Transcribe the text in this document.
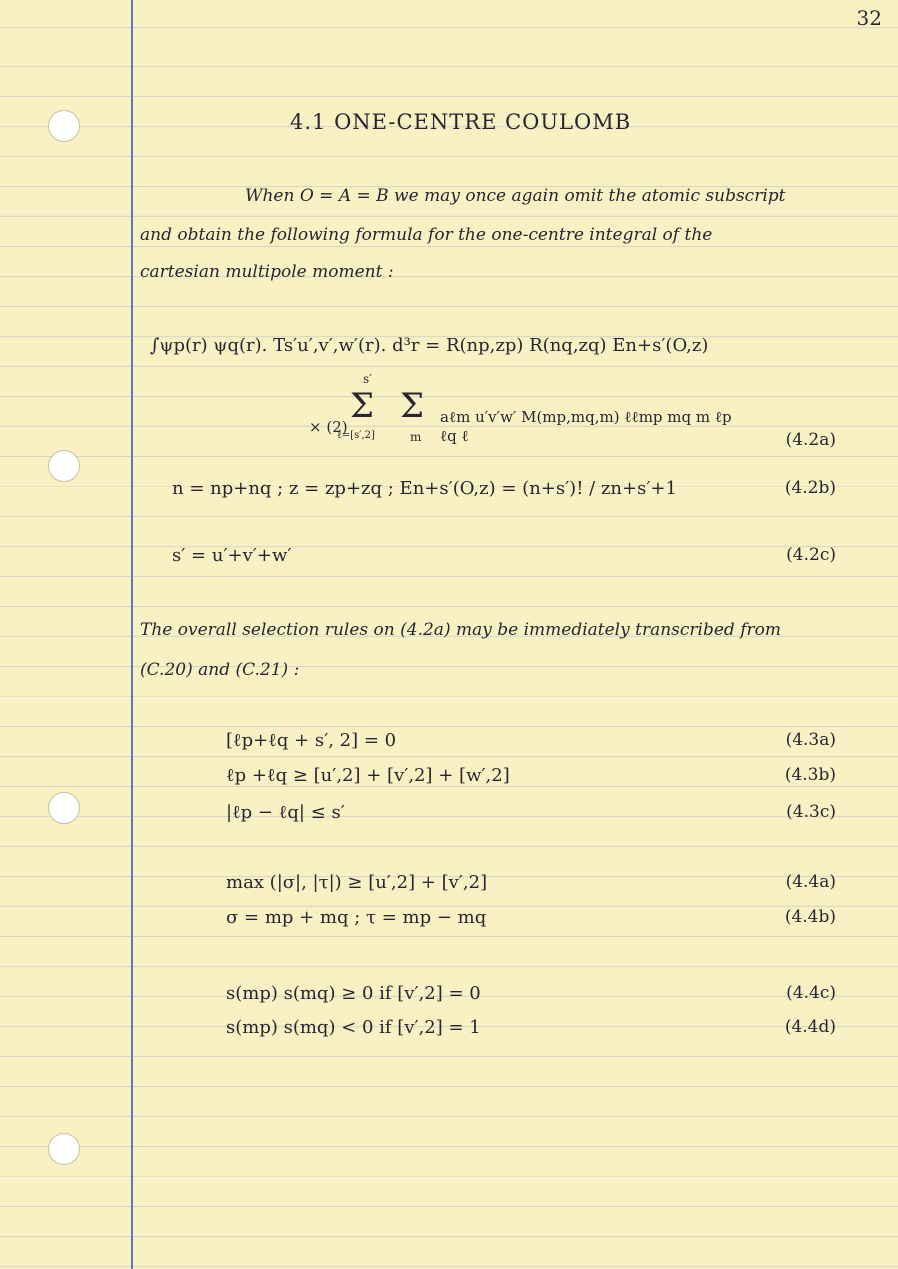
32
4.1 ONE-CENTRE COULOMB
When O = A = B we may once again omit the atomic subscript
and obtain the following formula for the one-centre integral of the
cartesian multipole moment :
∫ψp(r) ψq(r). Ts′u′,v′,w′(r). d³r = R(np,zp) R(nq,zq) En+s′(O,z)
× (2)
s′
Σ
ℓ=[s′,2]
Σ
m
aℓm u′v′w′ M(mp,mq,m) ℓℓmp mq m ℓp ℓq ℓ	(4.2a)
n = np+nq ; z = zp+zq ; En+s′(O,z) = (n+s′)! / zn+s′+1	(4.2b)
s′ = u′+v′+w′	(4.2c)
The overall selection rules on (4.2a) may be immediately transcribed from
(C.20) and (C.21) :
[ℓp+ℓq + s′, 2] = 0	(4.3a)
ℓp +ℓq ≥ [u′,2] + [v′,2] + [w′,2]	(4.3b)
|ℓp − ℓq| ≤ s′	(4.3c)
max (|σ|, |τ|) ≥ [u′,2] + [v′,2]	(4.4a)
σ = mp + mq ; τ = mp − mq	(4.4b)
s(mp) s(mq) ≥ 0 if [v′,2] = 0	(4.4c)
s(mp) s(mq) < 0 if [v′,2] = 1	(4.4d)
